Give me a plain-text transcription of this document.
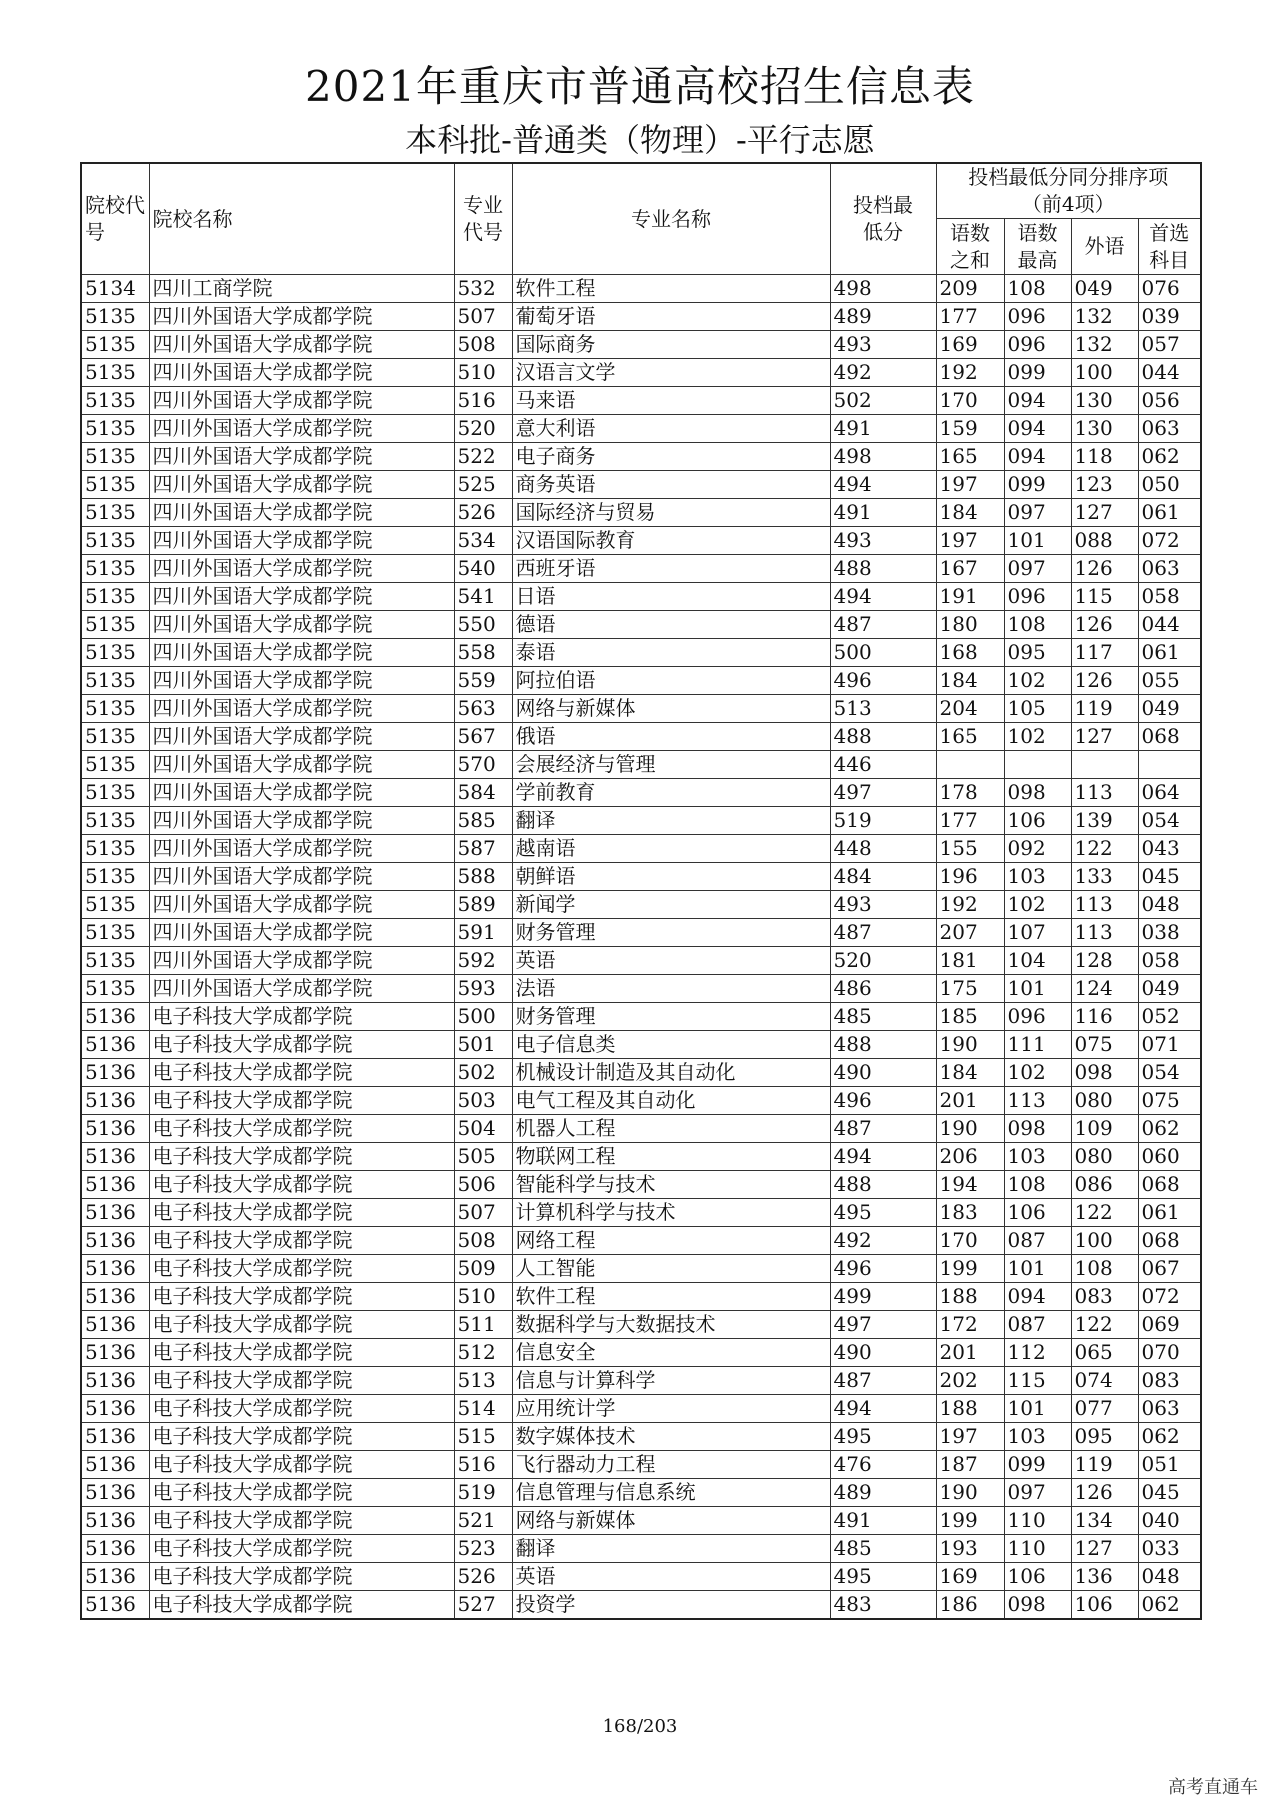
2021年重庆市普通高校招生信息表
本科批-普通类（物理）-平行志愿
院校代号	院校名称	专业代号	专业名称	投档最低分	投档最低分同分排序项（前4项）			
					语数之和	语数最高	外语	首选科目
5134	四川工商学院	532	软件工程	498	209	108	049	076
5135	四川外国语大学成都学院	507	葡萄牙语	489	177	096	132	039
5135	四川外国语大学成都学院	508	国际商务	493	169	096	132	057
5135	四川外国语大学成都学院	510	汉语言文学	492	192	099	100	044
5135	四川外国语大学成都学院	516	马来语	502	170	094	130	056
5135	四川外国语大学成都学院	520	意大利语	491	159	094	130	063
5135	四川外国语大学成都学院	522	电子商务	498	165	094	118	062
5135	四川外国语大学成都学院	525	商务英语	494	197	099	123	050
5135	四川外国语大学成都学院	526	国际经济与贸易	491	184	097	127	061
5135	四川外国语大学成都学院	534	汉语国际教育	493	197	101	088	072
5135	四川外国语大学成都学院	540	西班牙语	488	167	097	126	063
5135	四川外国语大学成都学院	541	日语	494	191	096	115	058
5135	四川外国语大学成都学院	550	德语	487	180	108	126	044
5135	四川外国语大学成都学院	558	泰语	500	168	095	117	061
5135	四川外国语大学成都学院	559	阿拉伯语	496	184	102	126	055
5135	四川外国语大学成都学院	563	网络与新媒体	513	204	105	119	049
5135	四川外国语大学成都学院	567	俄语	488	165	102	127	068
5135	四川外国语大学成都学院	570	会展经济与管理	446				
5135	四川外国语大学成都学院	584	学前教育	497	178	098	113	064
5135	四川外国语大学成都学院	585	翻译	519	177	106	139	054
5135	四川外国语大学成都学院	587	越南语	448	155	092	122	043
5135	四川外国语大学成都学院	588	朝鲜语	484	196	103	133	045
5135	四川外国语大学成都学院	589	新闻学	493	192	102	113	048
5135	四川外国语大学成都学院	591	财务管理	487	207	107	113	038
5135	四川外国语大学成都学院	592	英语	520	181	104	128	058
5135	四川外国语大学成都学院	593	法语	486	175	101	124	049
5136	电子科技大学成都学院	500	财务管理	485	185	096	116	052
5136	电子科技大学成都学院	501	电子信息类	488	190	111	075	071
5136	电子科技大学成都学院	502	机械设计制造及其自动化	490	184	102	098	054
5136	电子科技大学成都学院	503	电气工程及其自动化	496	201	113	080	075
5136	电子科技大学成都学院	504	机器人工程	487	190	098	109	062
5136	电子科技大学成都学院	505	物联网工程	494	206	103	080	060
5136	电子科技大学成都学院	506	智能科学与技术	488	194	108	086	068
5136	电子科技大学成都学院	507	计算机科学与技术	495	183	106	122	061
5136	电子科技大学成都学院	508	网络工程	492	170	087	100	068
5136	电子科技大学成都学院	509	人工智能	496	199	101	108	067
5136	电子科技大学成都学院	510	软件工程	499	188	094	083	072
5136	电子科技大学成都学院	511	数据科学与大数据技术	497	172	087	122	069
5136	电子科技大学成都学院	512	信息安全	490	201	112	065	070
5136	电子科技大学成都学院	513	信息与计算科学	487	202	115	074	083
5136	电子科技大学成都学院	514	应用统计学	494	188	101	077	063
5136	电子科技大学成都学院	515	数字媒体技术	495	197	103	095	062
5136	电子科技大学成都学院	516	飞行器动力工程	476	187	099	119	051
5136	电子科技大学成都学院	519	信息管理与信息系统	489	190	097	126	045
5136	电子科技大学成都学院	521	网络与新媒体	491	199	110	134	040
5136	电子科技大学成都学院	523	翻译	485	193	110	127	033
5136	电子科技大学成都学院	526	英语	495	169	106	136	048
5136	电子科技大学成都学院	527	投资学	483	186	098	106	062
168/203
高考直通车
